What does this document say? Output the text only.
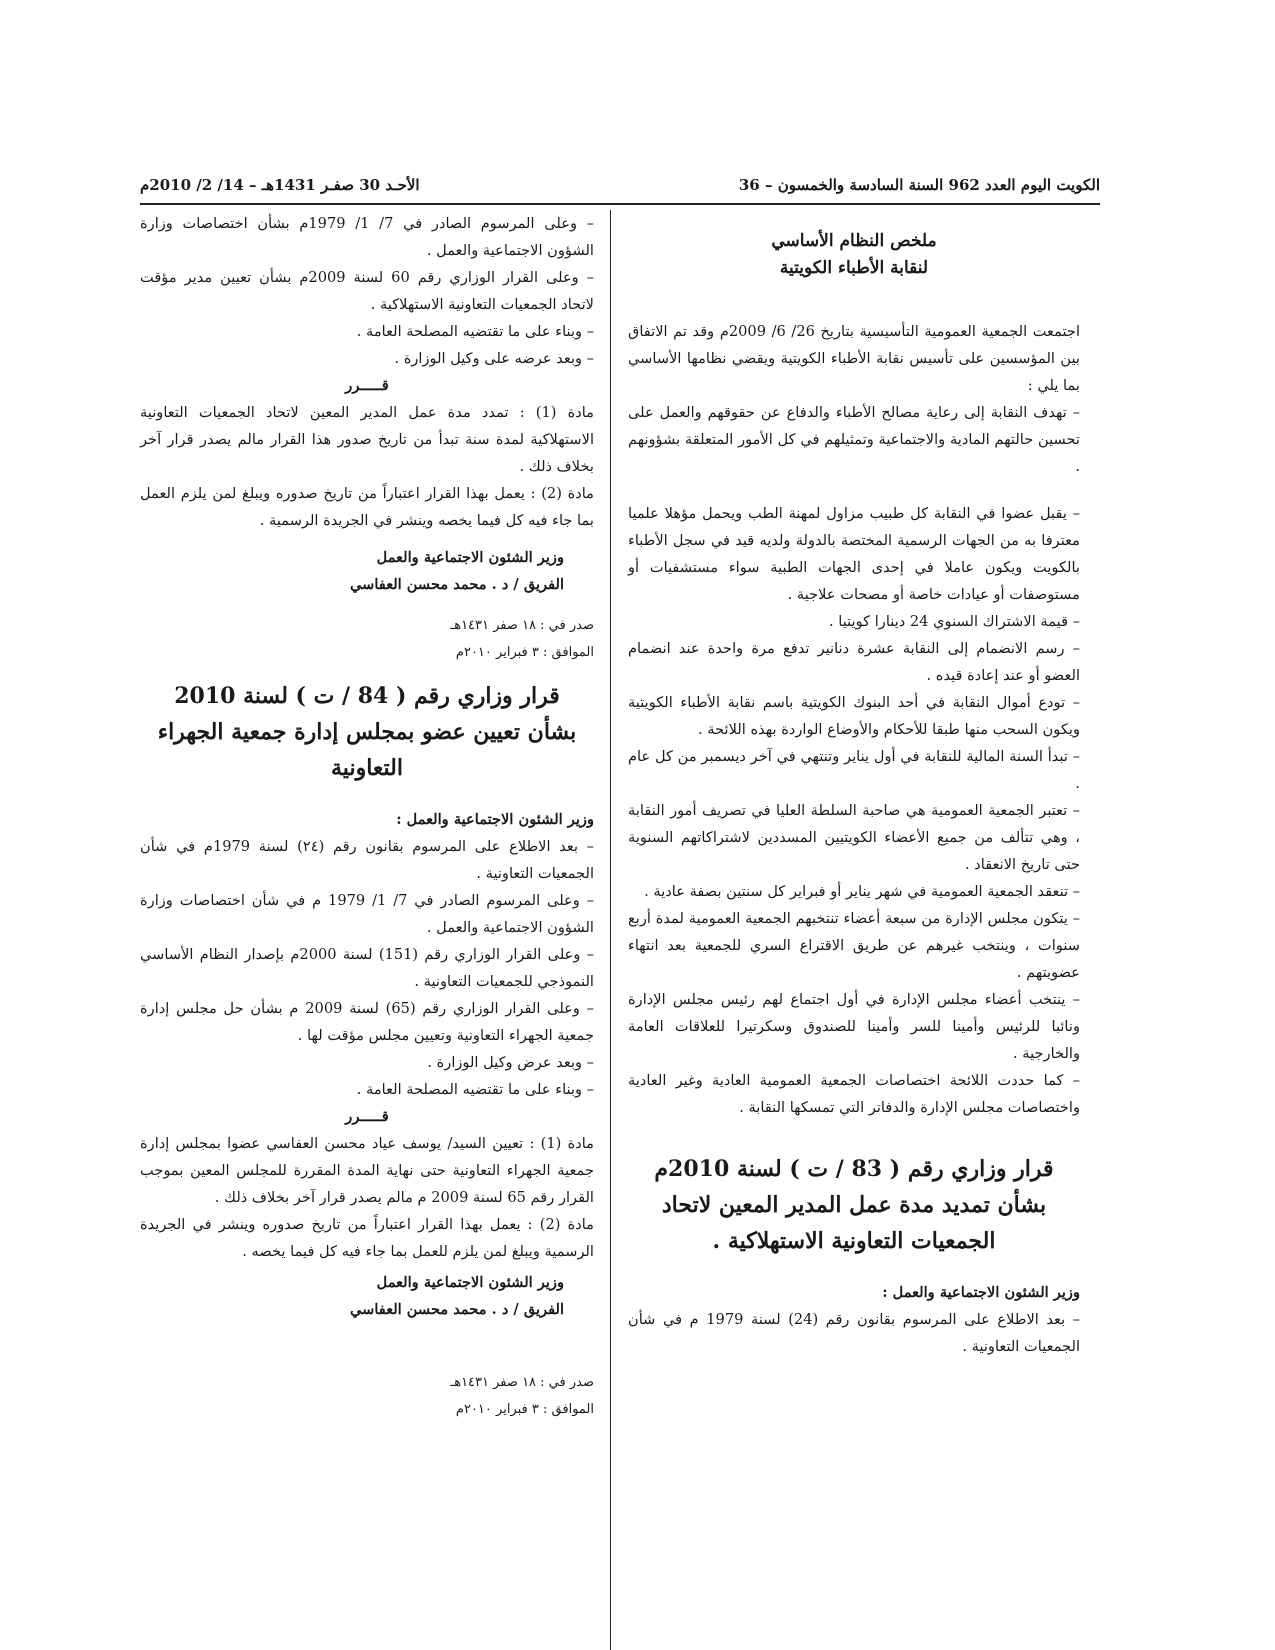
الكويت اليوم العدد 962 السنة السادسة والخمسون – 36
الأحـد 30 صفـر 1431هـ – 14/ 2/ 2010م
ملخص النظام الأساسي
لنقابة الأطباء الكويتية

اجتمعت الجمعية العمومية التأسيسية بتاريخ 26/ 6/ 2009م وقد تم الاتفاق بين المؤسسين على تأسيس نقابة الأطباء الكويتية ويقضي نظامها الأساسي بما يلي :

– تهدف النقابة إلى رعاية مصالح الأطباء والدفاع عن حقوقهم والعمل على تحسين حالتهم المادية والاجتماعية وتمثيلهم في كل الأمور المتعلقة بشؤونهم .

– يقبل عضوا في النقابة كل طبيب مزاول لمهنة الطب ويحمل مؤهلا علميا معترفا به من الجهات الرسمية المختصة بالدولة ولديه قيد في سجل الأطباء بالكويت ويكون عاملا في إحدى الجهات الطبية سواء مستشفيات أو مستوصفات أو عيادات خاصة أو مصحات علاجية .

– قيمة الاشتراك السنوي 24 دينارا كويتيا .

– رسم الانضمام إلى النقابة عشرة دنانير تدفع مرة واحدة عند انضمام العضو أو عند إعادة قيده .

– تودع أموال النقابة في أحد البنوك الكويتية باسم نقابة الأطباء الكويتية ويكون السحب منها طبقا للأحكام والأوضاع الواردة بهذه اللائحة .

– تبدأ السنة المالية للنقابة في أول يناير وتنتهي في آخر ديسمبر من كل عام .

– تعتبر الجمعية العمومية هي صاحبة السلطة العليا في تصريف أمور النقابة ، وهي تتألف من جميع الأعضاء الكويتيين المسددين لاشتراكاتهم السنوية حتى تاريخ الانعقاد .

– تنعقد الجمعية العمومية في شهر يناير أو فبراير كل سنتين بصفة عادية .

– يتكون مجلس الإدارة من سبعة أعضاء تنتخبهم الجمعية العمومية لمدة أربع سنوات ، وينتخب غيرهم عن طريق الاقتراع السري للجمعية بعد انتهاء عضويتهم .

– ينتخب أعضاء مجلس الإدارة في أول اجتماع لهم رئيس مجلس الإدارة ونائبا للرئيس وأمينا للسر وأمينا للصندوق وسكرتيرا للعلاقات العامة والخارجية .

– كما حددت اللائحة اختصاصات الجمعية العمومية العادية وغير العادية واختصاصات مجلس الإدارة والدفاتر التي تمسكها النقابة .

قرار وزاري رقم ( 83 / ت ) لسنة 2010م
بشأن تمديد مدة عمل المدير المعين لاتحاد
الجمعيات التعاونية الاستهلاكية .

وزير الشئون الاجتماعية والعمل :

– بعد الاطلاع على المرسوم بقانون رقم (24) لسنة 1979 م في شأن الجمعيات التعاونية .

– وعلى المرسوم الصادر في 7/ 1/ 1979م بشأن اختصاصات وزارة الشؤون الاجتماعية والعمل .

– وعلى القرار الوزاري رقم 60 لسنة 2009م بشأن تعيين مدير مؤقت لاتحاد الجمعيات التعاونية الاستهلاكية .

– وبناء على ما تقتضيه المصلحة العامة .

– وبعد عرضه على وكيل الوزارة .

قـــــرر

مادة (1) : تمدد مدة عمل المدير المعين لاتحاد الجمعيات التعاونية الاستهلاكية لمدة سنة تبدأ من تاريخ صدور هذا القرار مالم يصدر قرار آخر بخلاف ذلك .

مادة (2) : يعمل بهذا القرار اعتباراً من تاريخ صدوره ويبلغ لمن يلزم العمل بما جاء فيه كل فيما يخصه وينشر في الجريدة الرسمية .

وزير الشئون الاجتماعية والعمل

الفريق / د . محمد محسن العفاسي

صدر في : ١٨ صفر ١٤٣١هـ

الموافق : ٣ فبراير ٢٠١٠م

قرار وزاري رقم ( 84 / ت ) لسنة 2010
بشأن تعيين عضو بمجلس إدارة جمعية الجهراء
التعاونية

وزير الشئون الاجتماعية والعمل :

– بعد الاطلاع على المرسوم بقانون رقم (٢٤) لسنة 1979م في شأن الجمعيات التعاونية .

– وعلى المرسوم الصادر في 7/ 1/ 1979 م في شأن اختصاصات وزارة الشؤون الاجتماعية والعمل .

– وعلى القرار الوزاري رقم (151) لسنة 2000م بإصدار النظام الأساسي النموذجي للجمعيات التعاونية .

– وعلى القرار الوزاري رقم (65) لسنة 2009 م بشأن حل مجلس إدارة جمعية الجهراء التعاونية وتعيين مجلس مؤقت لها .

– وبعد عرض وكيل الوزارة .

– وبناء على ما تقتضيه المصلحة العامة .

قـــــرر

مادة (1) : تعيين السيد/ يوسف عياد محسن العفاسي عضوا بمجلس إدارة جمعية الجهراء التعاونية حتى نهاية المدة المقررة للمجلس المعين بموجب القرار رقم 65 لسنة 2009 م مالم يصدر قرار آخر بخلاف ذلك .

مادة (2) : يعمل بهذا القرار اعتباراً من تاريخ صدوره وينشر في الجريدة الرسمية ويبلغ لمن يلزم للعمل بما جاء فيه كل فيما يخصه .

وزير الشئون الاجتماعية والعمل

الفريق / د . محمد محسن العفاسي

صدر في : ١٨ صفر ١٤٣١هـ

الموافق : ٣ فبراير ٢٠١٠م
